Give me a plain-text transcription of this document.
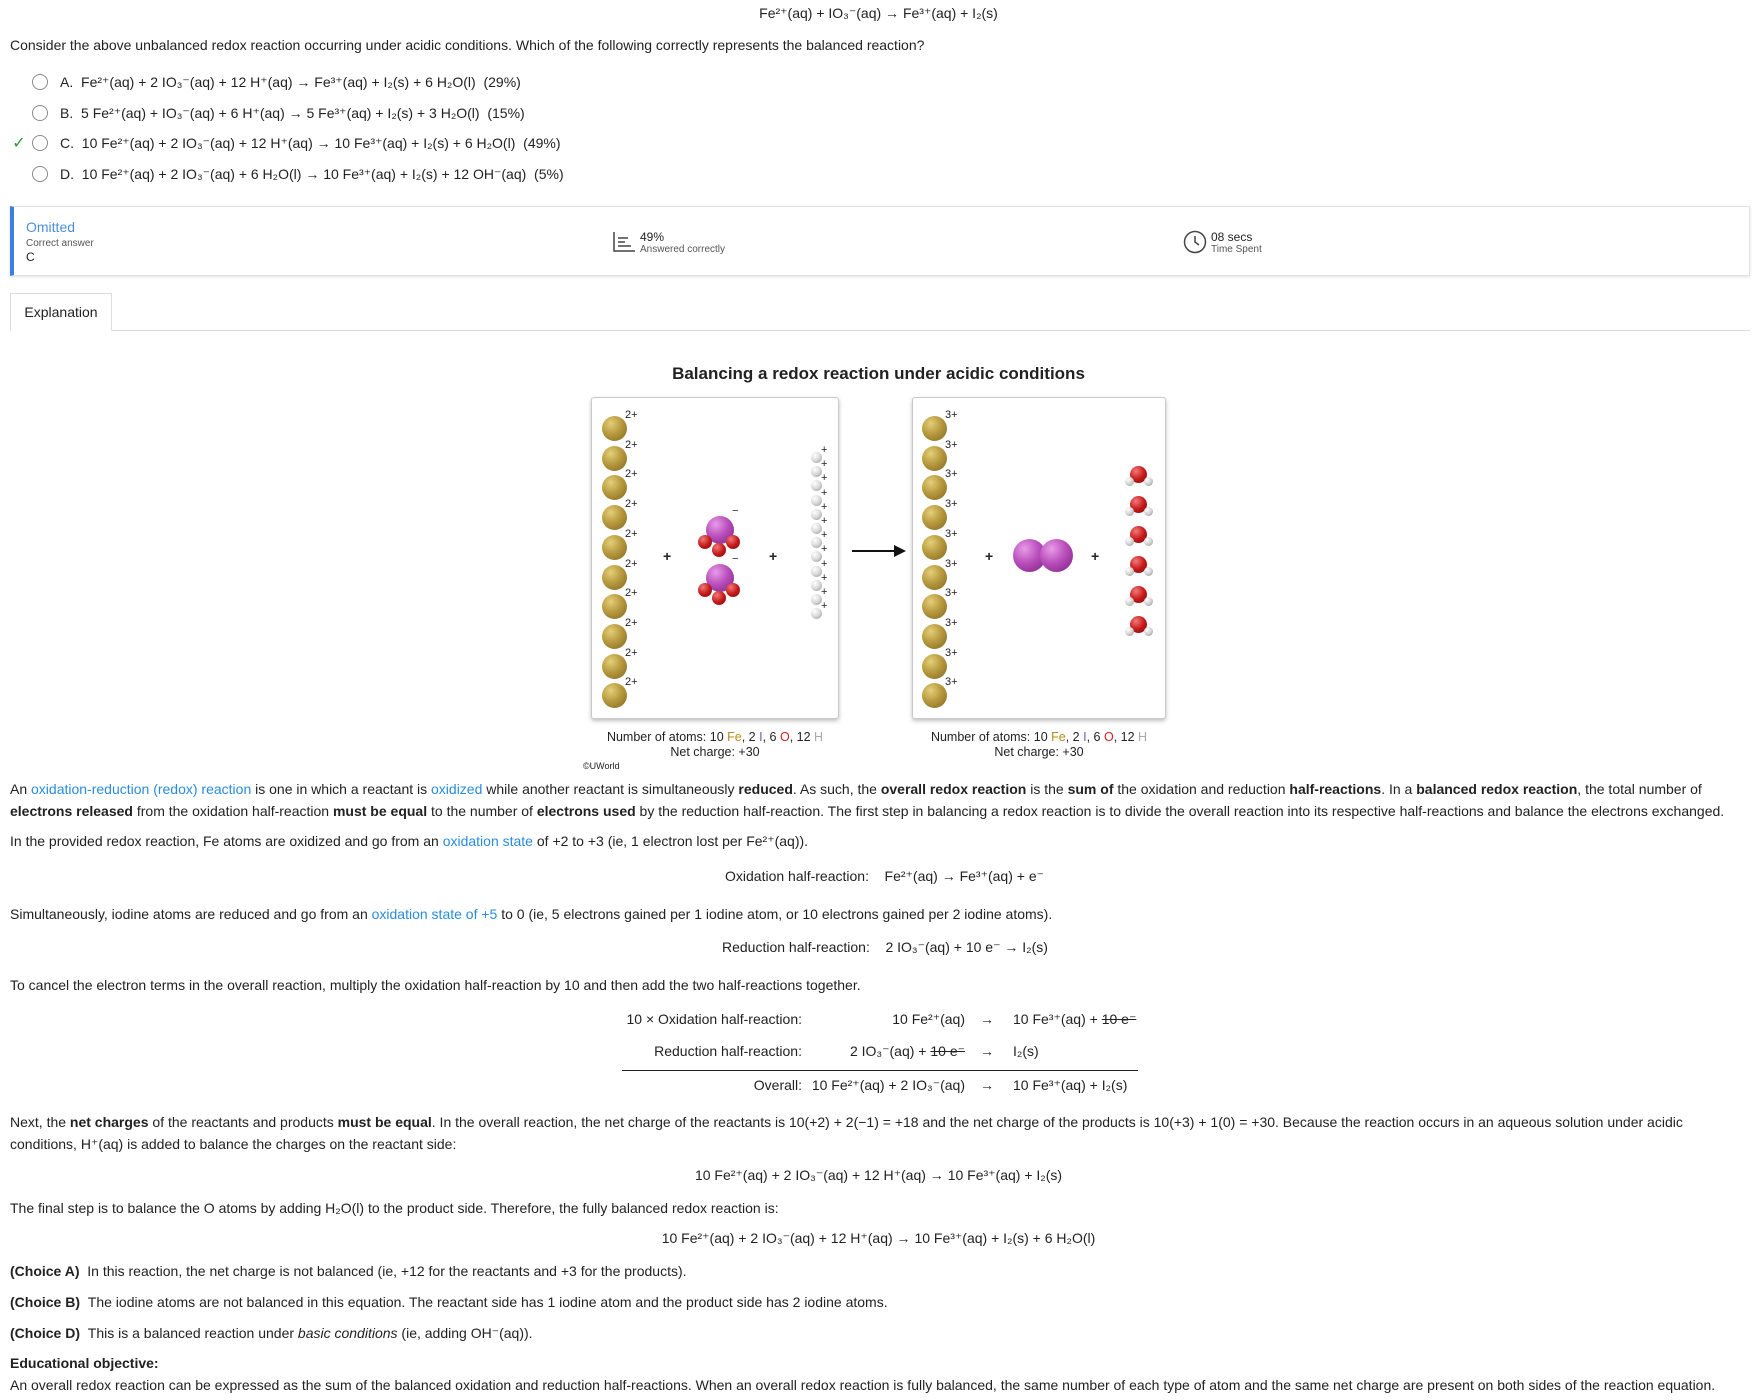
Fe²⁺(aq) + IO₃⁻(aq) → Fe³⁺(aq) + I₂(s)
Consider the above unbalanced redox reaction occurring under acidic conditions. Which of the following correctly represents the balanced reaction?
A.
Fe²⁺(aq) + 2 IO₃⁻(aq) + 12 H⁺(aq) → Fe³⁺(aq) + I₂(s) + 6 H₂O(l)
(29%)
B.
5 Fe²⁺(aq) + IO₃⁻(aq) + 6 H⁺(aq) → 5 Fe³⁺(aq) + I₂(s) + 3 H₂O(l)
(15%)
✓	C.
10 Fe²⁺(aq) + 2 IO₃⁻(aq) + 12 H⁺(aq) → 10 Fe³⁺(aq) + I₂(s) + 6 H₂O(l)
(49%)
D.
10 Fe²⁺(aq) + 2 IO₃⁻(aq) + 6 H₂O(l) → 10 Fe³⁺(aq) + I₂(s) + 12 OH⁻(aq)
(5%)
Omitted
Correct answer
C
49%
Answered correctly
08 secs
Time Spent
Explanation
Balancing a redox reaction under acidic conditions
+	+	+	+
−
−
Number of atoms: 10 Fe, 2 I, 6 O, 12 H
Net charge: +30
Number of atoms: 10 Fe, 2 I, 6 O, 12 H
Net charge: +30
©UWorld
An oxidation-reduction (redox) reaction is one in which a reactant is oxidized while another reactant is simultaneously reduced. As such, the overall redox reaction is the sum of the oxidation and reduction half-reactions. In a balanced redox reaction, the total number of electrons released from the oxidation half-reaction must be equal to the number of electrons used by the reduction half-reaction. The first step in balancing a redox reaction is to divide the overall reaction into its respective half-reactions and balance the electrons exchanged.
In the provided redox reaction, Fe atoms are oxidized and go from an oxidation state of +2 to +3 (ie, 1 electron lost per Fe²⁺(aq)).
Oxidation half-reaction: Fe²⁺(aq) → Fe³⁺(aq) + e⁻
Simultaneously, iodine atoms are reduced and go from an oxidation state of +5 to 0 (ie, 5 electrons gained per 1 iodine atom, or 10 electrons gained per 2 iodine atoms).
Reduction half-reaction: 2 IO₃⁻(aq) + 10 e⁻ → I₂(s)
To cancel the electron terms in the overall reaction, multiply the oxidation half-reaction by 10 and then add the two half-reactions together.
10 × Oxidation half-reaction:	10 Fe²⁺(aq) → 10 Fe³⁺(aq) + 10 e⁻
Reduction half-reaction:	2 IO₃⁻(aq) + 10 e⁻ → I₂(s)
Overall: 10 Fe²⁺(aq) + 2 IO₃⁻(aq) → 10 Fe³⁺(aq) + I₂(s)
Next, the net charges of the reactants and products must be equal. In the overall reaction, the net charge of the reactants is 10(+2) + 2(−1) = +18 and the net charge of the products is 10(+3) + 1(0) = +30. Because the reaction occurs in an aqueous solution under acidic conditions, H⁺(aq) is added to balance the charges on the reactant side:
10 Fe²⁺(aq) + 2 IO₃⁻(aq) + 12 H⁺(aq) → 10 Fe³⁺(aq) + I₂(s)
The final step is to balance the O atoms by adding H₂O(l) to the product side. Therefore, the fully balanced redox reaction is:
10 Fe²⁺(aq) + 2 IO₃⁻(aq) + 12 H⁺(aq) → 10 Fe³⁺(aq) + I₂(s) + 6 H₂O(l)
(Choice A) In this reaction, the net charge is not balanced (ie, +12 for the reactants and +3 for the products).
(Choice B) The iodine atoms are not balanced in this equation. The reactant side has 1 iodine atom and the product side has 2 iodine atoms.
(Choice D) This is a balanced reaction under basic conditions (ie, adding OH⁻(aq)).
Educational objective:
An overall redox reaction can be expressed as the sum of the balanced oxidation and reduction half-reactions. When an overall redox reaction is fully balanced, the same number of each type of atom and the same net charge are present on both sides of the reaction equation.
2+	3+
2+	3+
2+	3+
2+	3+
2+	3+
2+	3+
2+	3+
2+	3+
2+	3+
2+	3+
+
+
+
+
+
+
+
+
+
+
+
+
